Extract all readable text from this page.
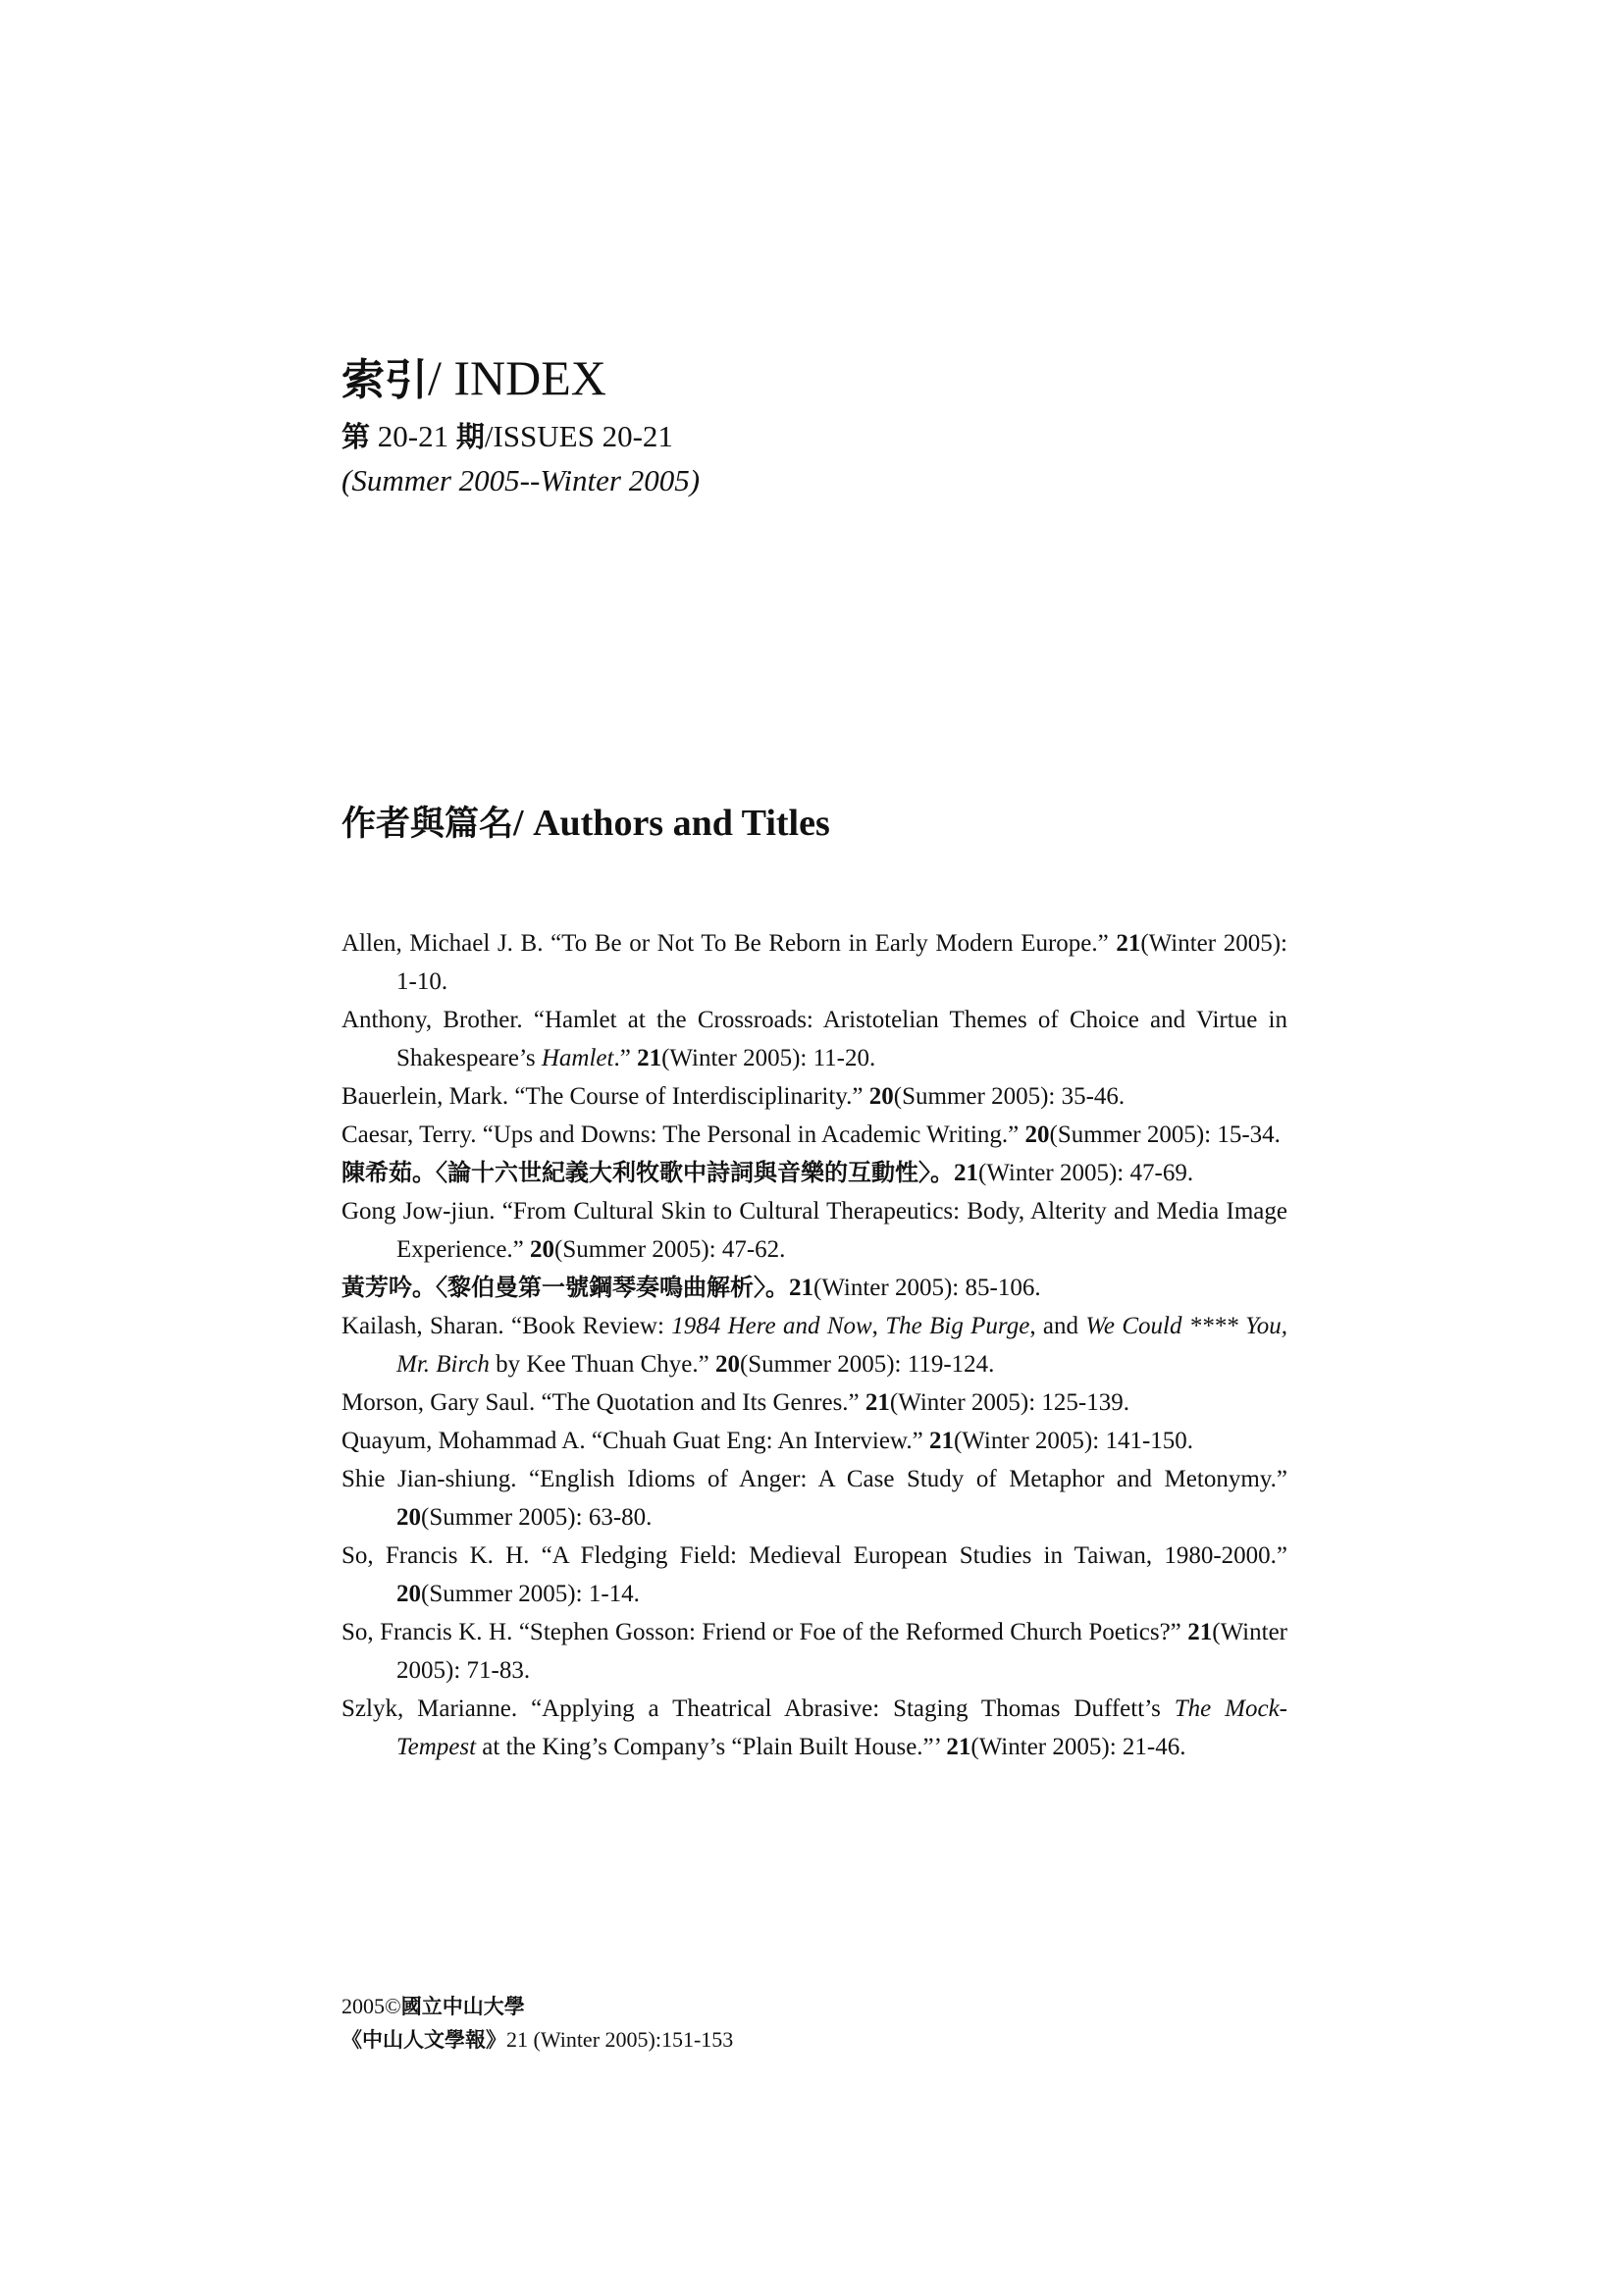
索引/ INDEX
第 20-21 期/ISSUES 20-21
(Summer 2005--Winter 2005)
作者與篇名/ Authors and Titles
Allen, Michael J. B. “To Be or Not To Be Reborn in Early Modern Europe.” 21(Winter 2005): 1-10.
Anthony, Brother. “Hamlet at the Crossroads: Aristotelian Themes of Choice and Virtue in Shakespeare’s Hamlet.” 21(Winter 2005): 11-20.
Bauerlein, Mark. “The Course of Interdisciplinarity.” 20(Summer 2005): 35-46.
Caesar, Terry. “Ups and Downs: The Personal in Academic Writing.” 20(Summer 2005): 15-34.
陳希茹。〈論十六世紀義大利牧歌中詩詞與音樂的互動性〉。21(Winter 2005): 47-69.
Gong Jow-jiun. “From Cultural Skin to Cultural Therapeutics: Body, Alterity and Media Image Experience.” 20(Summer 2005): 47-62.
黃芳吟。〈黎伯曼第一號鋼琴奏鳴曲解析〉。21(Winter 2005): 85-106.
Kailash, Sharan. “Book Review: 1984 Here and Now, The Big Purge, and We Could **** You, Mr. Birch by Kee Thuan Chye.” 20(Summer 2005): 119-124.
Morson, Gary Saul. “The Quotation and Its Genres.” 21(Winter 2005): 125-139.
Quayum, Mohammad A. “Chuah Guat Eng: An Interview.” 21(Winter 2005): 141-150.
Shie Jian-shiung. “English Idioms of Anger: A Case Study of Metaphor and Metonymy.” 20(Summer 2005): 63-80.
So, Francis K. H. “A Fledging Field: Medieval European Studies in Taiwan, 1980-2000.” 20(Summer 2005): 1-14.
So, Francis K. H. “Stephen Gosson: Friend or Foe of the Reformed Church Poetics?” 21(Winter 2005): 71-83.
Szlyk, Marianne. “Applying a Theatrical Abrasive: Staging Thomas Duffett’s The Mock-Tempest at the King’s Company’s “Plain Built House.”’ 21(Winter 2005): 21-46.
2005©國立中山大學
《中山人文學報》21 (Winter 2005):151-153
